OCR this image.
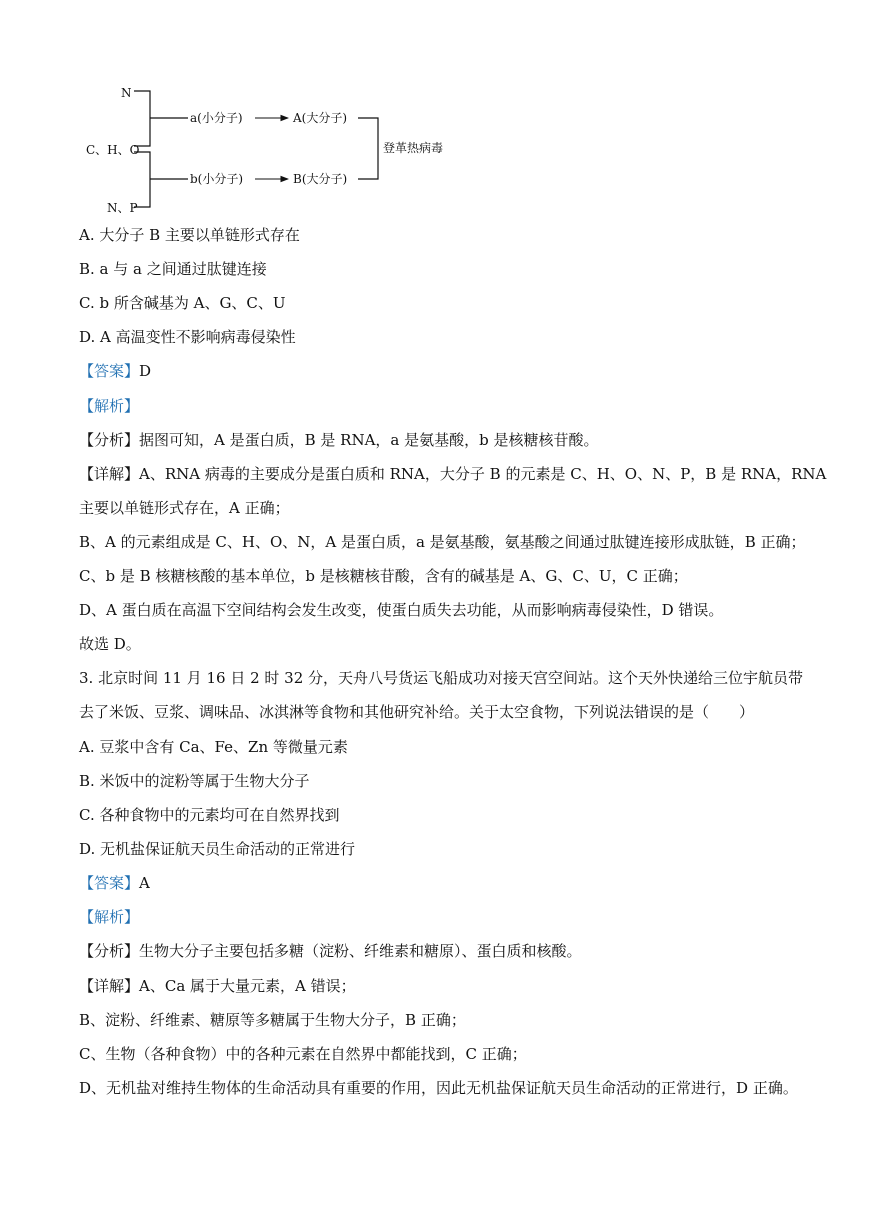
N
C、H、O
N、P
a(小分子)
b(小分子)
A(大分子)
B(大分子)
登革热病毒
A. 大分子 B 主要以单链形式存在
B. a 与 a 之间通过肽键连接
C. b 所含碱基为 A、G、C、U
D. A 高温变性不影响病毒侵染性
【答案】D
【解析】
【分析】据图可知，A 是蛋白质，B 是 RNA，a 是氨基酸，b 是核糖核苷酸。
【详解】A、RNA 病毒的主要成分是蛋白质和 RNA，大分子 B 的元素是 C、H、O、N、P，B 是 RNA，RNA
主要以单链形式存在，A 正确；
B、A 的元素组成是 C、H、O、N，A 是蛋白质，a 是氨基酸，氨基酸之间通过肽键连接形成肽链，B 正确；
C、b 是 B 核糖核酸的基本单位，b 是核糖核苷酸，含有的碱基是 A、G、C、U，C 正确；
D、A 蛋白质在高温下空间结构会发生改变，使蛋白质失去功能，从而影响病毒侵染性，D 错误。
故选 D。
3. 北京时间 11 月 16 日 2 时 32 分，天舟八号货运飞船成功对接天宫空间站。这个天外快递给三位宇航员带
去了米饭、豆浆、调味品、冰淇淋等食物和其他研究补给。关于太空食物，下列说法错误的是（　　）
A. 豆浆中含有 Ca、Fe、Zn 等微量元素
B. 米饭中的淀粉等属于生物大分子
C. 各种食物中的元素均可在自然界找到
D. 无机盐保证航天员生命活动的正常进行
【答案】A
【解析】
【分析】生物大分子主要包括多糖（淀粉、纤维素和糖原）、蛋白质和核酸。
【详解】A、Ca 属于大量元素，A 错误；
B、淀粉、纤维素、糖原等多糖属于生物大分子，B 正确；
C、生物（各种食物）中的各种元素在自然界中都能找到，C 正确；
D、无机盐对维持生物体的生命活动具有重要的作用，因此无机盐保证航天员生命活动的正常进行，D 正确。
